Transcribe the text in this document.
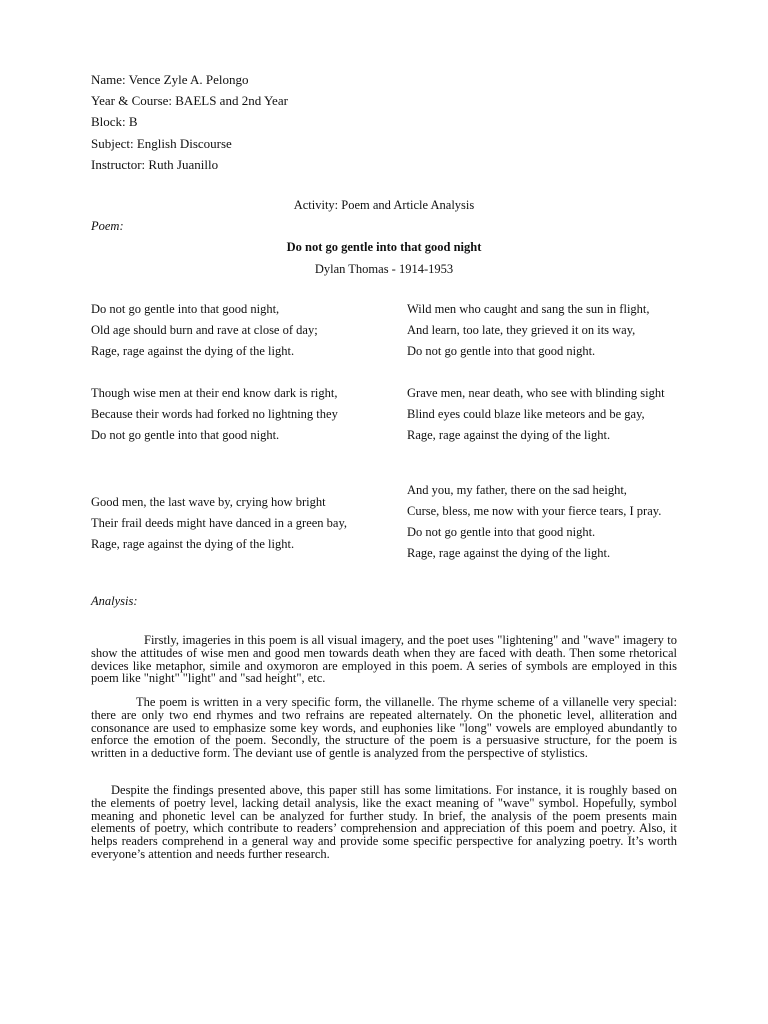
Name: Vence Zyle A. Pelongo
Year & Course: BAELS and 2nd Year
Block: B
Subject: English Discourse
Instructor: Ruth Juanillo
Activity: Poem and Article Analysis
Poem:
Do not go gentle into that good night
Dylan Thomas - 1914-1953
Do not go gentle into that good night,
Old age should burn and rave at close of day;
Rage, rage against the dying of the light.
Though wise men at their end know dark is right,
Because their words had forked no lightning they
Do not go gentle into that good night.
Good men, the last wave by, crying how bright
Their frail deeds might have danced in a green bay,
Rage, rage against the dying of the light.
Wild men who caught and sang the sun in flight,
And learn, too late, they grieved it on its way,
Do not go gentle into that good night.
Grave men, near death, who see with blinding sight
Blind eyes could blaze like meteors and be gay,
Rage, rage against the dying of the light.
And you, my father, there on the sad height,
Curse, bless, me now with your fierce tears, I pray.
Do not go gentle into that good night.
Rage, rage against the dying of the light.
Analysis:
Firstly, imageries in this poem is all visual imagery, and the poet uses "lightening" and "wave" imagery to show the attitudes of wise men and good men towards death when they are faced with death. Then some rhetorical devices like metaphor, simile and oxymoron are employed in this poem. A series of symbols are employed in this poem like "night" "light" and "sad height", etc.
The poem is written in a very specific form, the villanelle. The rhyme scheme of a villanelle very special: there are only two end rhymes and two refrains are repeated alternately. On the phonetic level, alliteration and consonance are used to emphasize some key words, and euphonies like "long" vowels are employed abundantly to enforce the emotion of the poem. Secondly, the structure of the poem is a persuasive structure, for the poem is written in a deductive form. The deviant use of gentle is analyzed from the perspective of stylistics.
Despite the findings presented above, this paper still has some limitations. For instance, it is roughly based on the elements of poetry level, lacking detail analysis, like the exact meaning of "wave" symbol. Hopefully, symbol meaning and phonetic level can be analyzed for further study. In brief, the analysis of the poem presents main elements of poetry, which contribute to readers’ comprehension and appreciation of this poem and poetry. Also, it helps readers comprehend in a general way and provide some specific perspective for analyzing poetry. It’s worth everyone’s attention and needs further research.
